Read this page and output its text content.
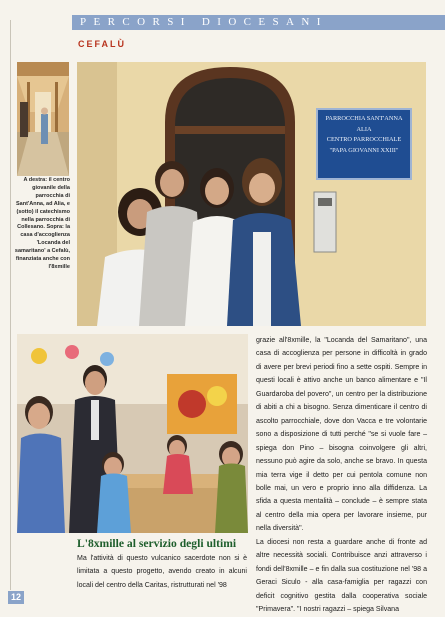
PERCORSI DIOCESANI
CEFALÙ
A destra: il centro giovanile della parrocchia di Sant'Anna, ad Alia, e (sotto) il catechismo nella parrocchia di Collesano. Sopra: la casa d'accoglienza 'Locanda del samaritano' a Cefalù, finanziata anche con l'8xmille
PARROCCHIA SANT'ANNA
ALIA
CENTRO PARROCCHIALE
"PAPA GIOVANNI XXIII"
L'8xmille al servizio degli ultimi

Ma l'attività di questo vulcanico sacerdote non si è limitata a questo progetto, avendo creato in alcuni locali del centro della Caritas, ristrutturati nel '98

grazie all'8xmille, la "Locanda del Samaritano", una casa di accoglienza per persone in difficoltà in grado di avere per brevi periodi fino a sette ospiti. Sempre in questi locali è attivo anche un banco alimentare e "Il Guardaroba del povero", un centro per la distribuzione di abiti a chi a bisogno. Senza dimenticare il centro di ascolto parrocchiale, dove don Vacca e tre volontarie sono a disposizione di tutti perché "se si vuole fare – spiega don Pino – bisogna coinvolgere gli altri, nessuno può agire da solo, anche se bravo. In questa mia terra vige il detto per cui pentola comune non bolle mai, un vero e proprio inno alla diffidenza. La sfida a questa mentalità – conclude – è sempre stata al centro della mia opera per lavorare insieme, pur nella diversità".

La diocesi non resta a guardare anche di fronte ad altre necessità sociali. Contribuisce anzi attraverso i fondi dell'8xmille – e fin dalla sua costituzione nel '98 a Geraci Siculo - alla casa-famiglia per ragazzi con deficit cognitivo gestita dalla cooperativa sociale "Primavera". "I nostri ragazzi – spiega Silvana

12
